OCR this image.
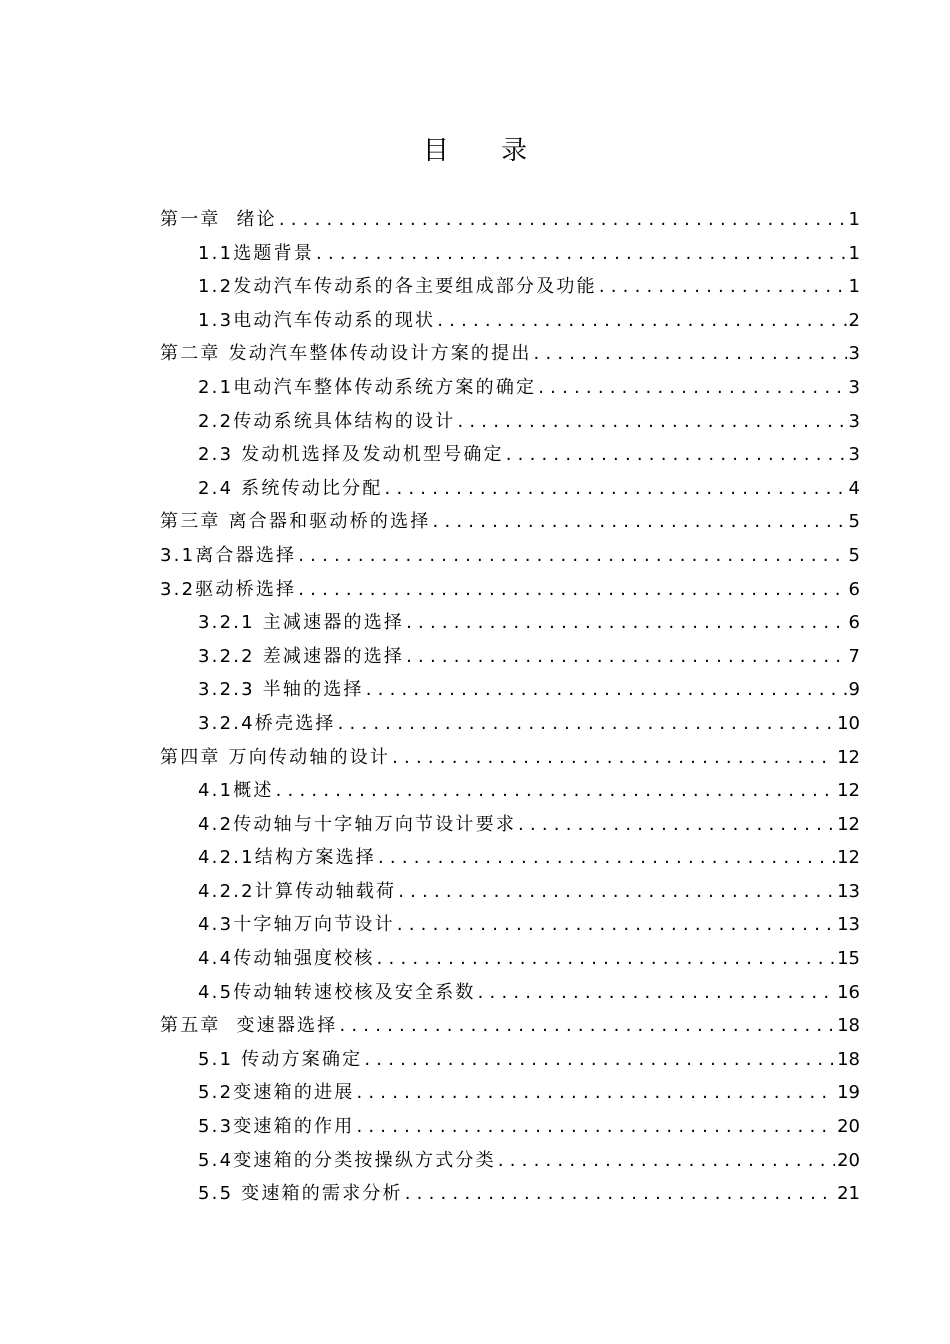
目 录
第一章  绪论 .....	1
1.1选题背景 .....	1
1.2发动汽车传动系的各主要组成部分及功能 .....	1
1.3电动汽车传动系的现状 .....	2
第二章 发动汽车整体传动设计方案的提出 .....	3
2.1电动汽车整体传动系统方案的确定 .....	3
2.2传动系统具体结构的设计 .....	3
2.3 发动机选择及发动机型号确定 .....	3
2.4 系统传动比分配 .....	4
第三章 离合器和驱动桥的选择 .....	5
3.1离合器选择 .....	5
3.2驱动桥选择 .....	6
3.2.1 主减速器的选择 .....	6
3.2.2 差减速器的选择 .....	7
3.2.3 半轴的选择 .....	9
3.2.4桥壳选择 .....	10
第四章 万向传动轴的设计 .....	12
4.1概述 .....	12
4.2传动轴与十字轴万向节设计要求 .....	12
4.2.1结构方案选择 .....	12
4.2.2计算传动轴载荷 .....	13
4.3十字轴万向节设计 .....	13
4.4传动轴强度校核 .....	15
4.5传动轴转速校核及安全系数 .....	16
第五章  变速器选择 .....	18
5.1 传动方案确定 .....	18
5.2变速箱的进展 .....	19
5.3变速箱的作用 .....	20
5.4变速箱的分类按操纵方式分类 .....	20
5.5 变速箱的需求分析 .....	21
